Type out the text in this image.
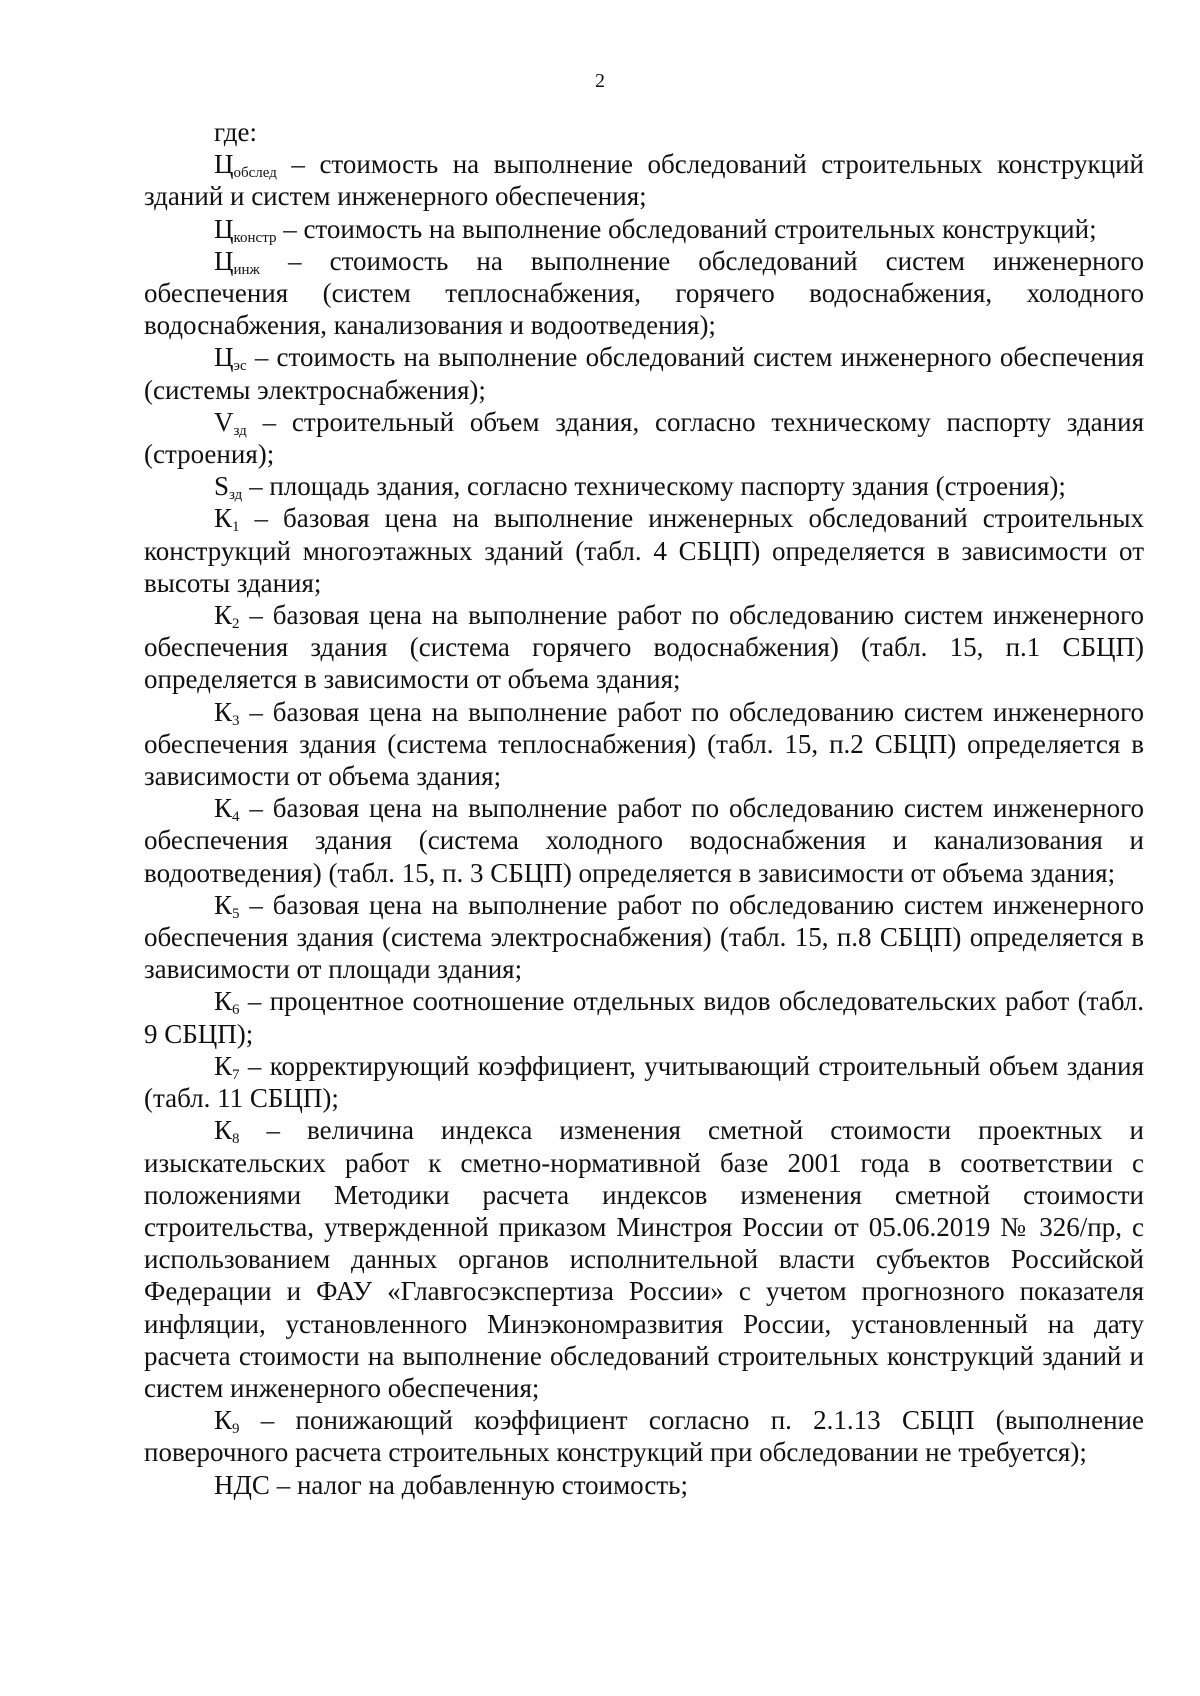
2

где:

$Ц_{обслед}$ – стоимость на выполнение обследований строительных конструкций зданий и систем инженерного обеспечения;

$Ц_{констр}$ – стоимость на выполнение обследований строительных конструкций;

$Ц_{инж}$ – стоимость на выполнение обследований систем инженерного обеспечения (систем теплоснабжения, горячего водоснабжения, холодного водоснабжения, канализования и водоотведения);

$Ц_{эс}$ – стоимость на выполнение обследований систем инженерного обеспечения (системы электроснабжения);

$V_{зд}$ – строительный объем здания, согласно техническому паспорту здания (строения);

$S_{зд}$ – площадь здания, согласно техническому паспорту здания (строения);

$К_1$ – базовая цена на выполнение инженерных обследований строительных конструкций многоэтажных зданий (табл. 4 СБЦП) определяется в зависимости от высоты здания;

$К_2$ – базовая цена на выполнение работ по обследованию систем инженерного обеспечения здания (система горячего водоснабжения) (табл. 15, п.1 СБЦП) определяется в зависимости от объема здания;

$К_3$ – базовая цена на выполнение работ по обследованию систем инженерного обеспечения здания (система теплоснабжения) (табл. 15, п.2 СБЦП) определяется в зависимости от объема здания;

$К_4$ – базовая цена на выполнение работ по обследованию систем инженерного обеспечения здания (система холодного водоснабжения и канализования и водоотведения) (табл. 15, п. 3 СБЦП) определяется в зависимости от объема здания;

$К_5$ – базовая цена на выполнение работ по обследованию систем инженерного обеспечения здания (система электроснабжения) (табл. 15, п.8 СБЦП) определяется в зависимости от площади здания;

$К_6$ – процентное соотношение отдельных видов обследовательских работ (табл. 9 СБЦП);

$К_7$ – корректирующий коэффициент, учитывающий строительный объем здания (табл. 11 СБЦП);

$К_8$ – величина индекса изменения сметной стоимости проектных и изыскательских работ к сметно-нормативной базе 2001 года в соответствии с положениями Методики расчета индексов изменения сметной стоимости строительства, утвержденной приказом Минстроя России от 05.06.2019 № 326/пр, с использованием данных органов исполнительной власти субъектов Российской Федерации и ФАУ «Главгосэкспертиза России» с учетом прогнозного показателя инфляции, установленного Минэкономразвития России, установленный на дату расчета стоимости на выполнение обследований строительных конструкций зданий и систем инженерного обеспечения;

$К_9$ – понижающий коэффициент согласно п. 2.1.13 СБЦП (выполнение поверочного расчета строительных конструкций при обследовании не требуется);

НДС – налог на добавленную стоимость;
